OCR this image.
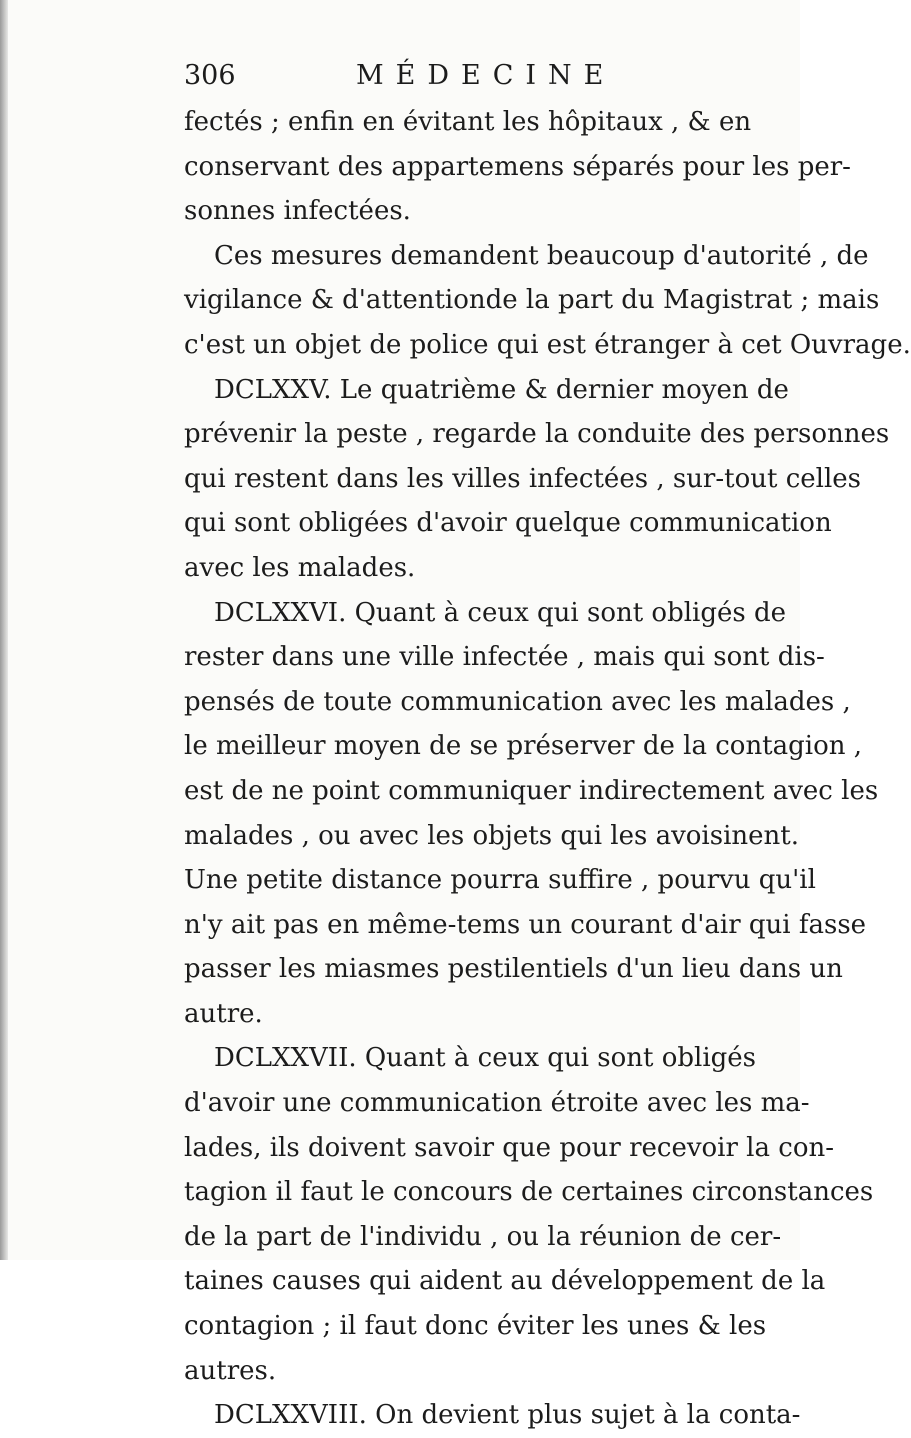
306	MÉDECINE
fectés ; enfin en évitant les hôpitaux , & en
conservant des appartemens séparés pour les per-
sonnes infectées.
Ces mesures demandent beaucoup d'autorité , de
vigilance & d'attentionde la part du Magistrat ; mais
c'est un objet de police qui est étranger à cet Ouvrage.
DCLXXV. Le quatrième & dernier moyen de
prévenir la peste , regarde la conduite des personnes
qui restent dans les villes infectées , sur-tout celles
qui sont obligées d'avoir quelque communication
avec les malades.
DCLXXVI. Quant à ceux qui sont obligés de
rester dans une ville infectée , mais qui sont dis-
pensés de toute communication avec les malades ,
le meilleur moyen de se préserver de la contagion ,
est de ne point communiquer indirectement avec les
malades , ou avec les objets qui les avoisinent.
Une petite distance pourra suffire , pourvu qu'il
n'y ait pas en même-tems un courant d'air qui fasse
passer les miasmes pestilentiels d'un lieu dans un
autre.
DCLXXVII. Quant à ceux qui sont obligés
d'avoir une communication étroite avec les ma-
lades, ils doivent savoir que pour recevoir la con-
tagion il faut le concours de certaines circonstances
de la part de l'individu , ou la réunion de cer-
taines causes qui aident au développement de la
contagion ; il faut donc éviter les unes & les
autres.
DCLXXVIII. On devient plus sujet à la conta-
